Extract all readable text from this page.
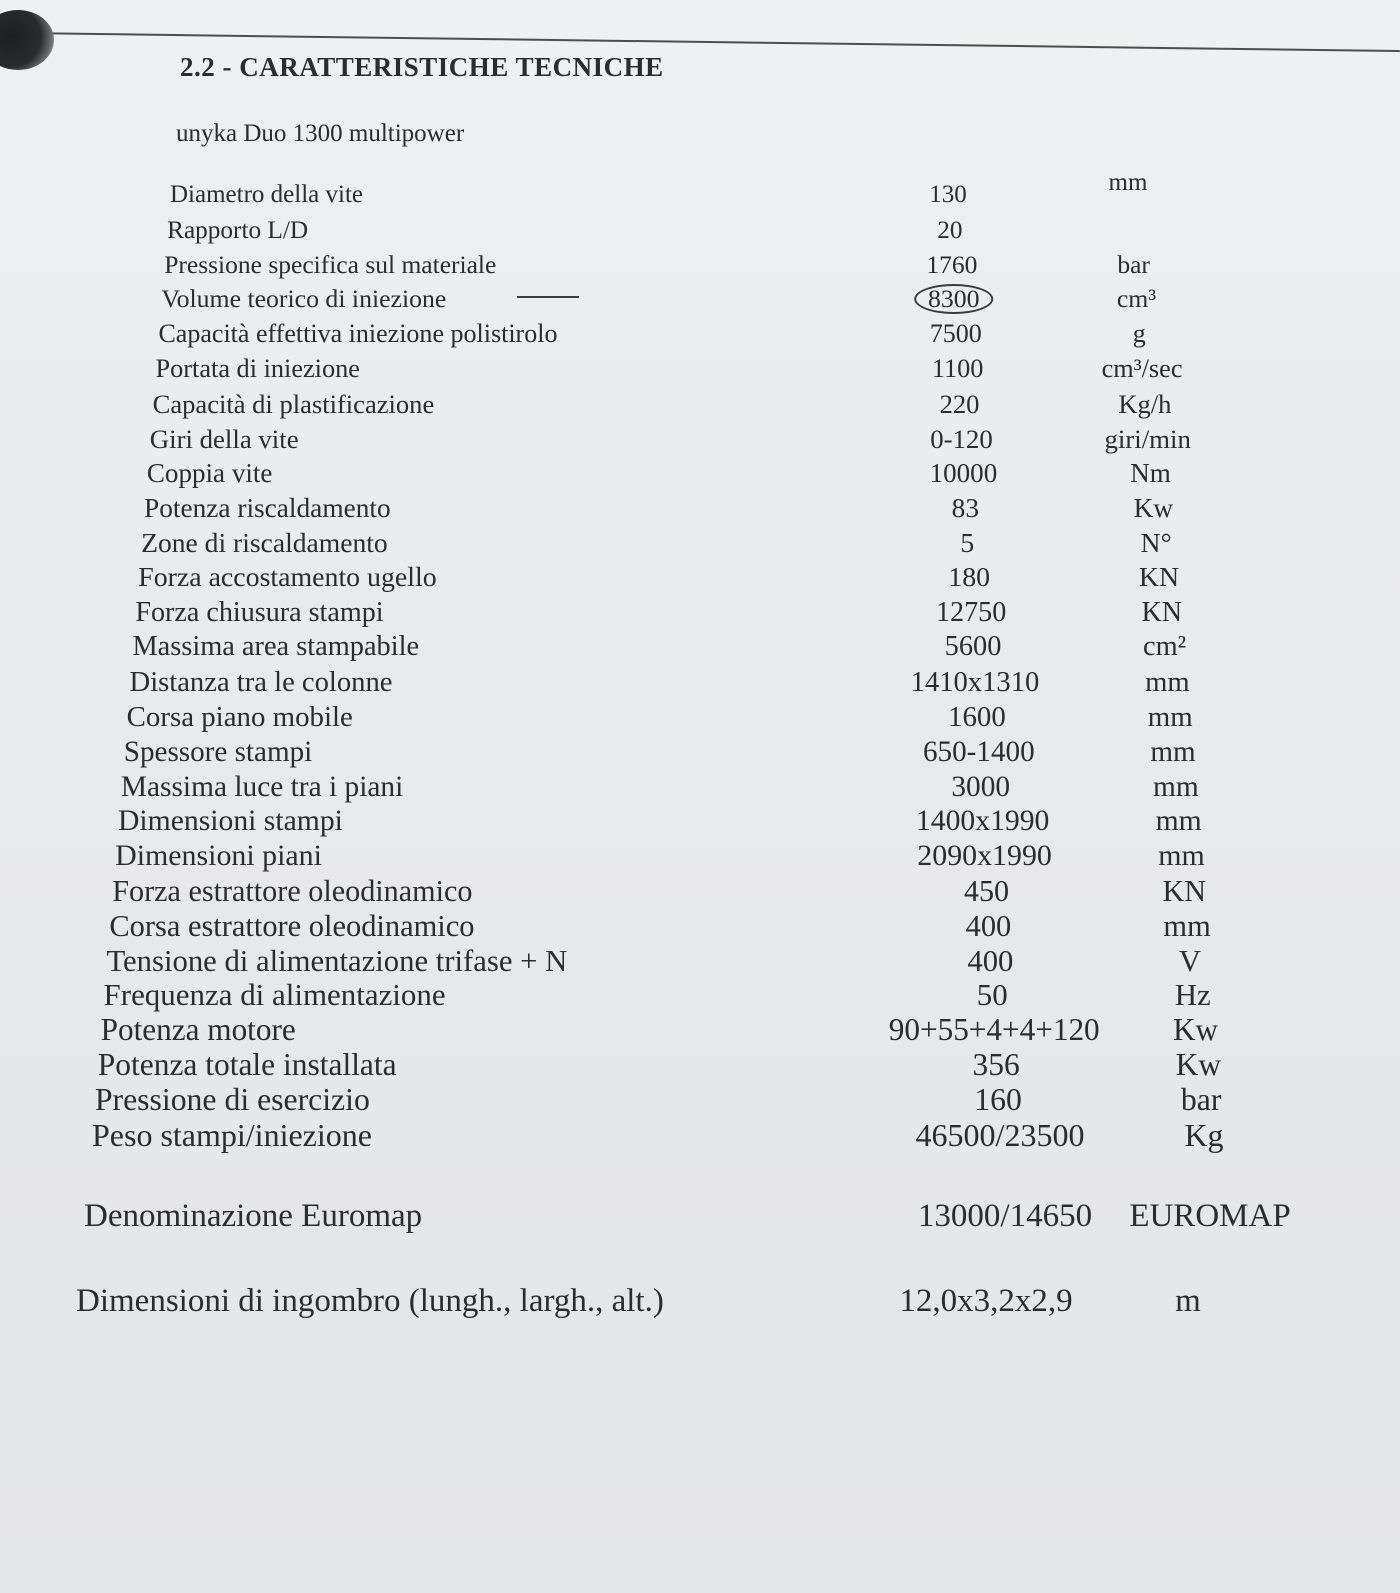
2.2 - CARATTERISTICHE TECNICHE
unyka Duo 1300 multipower
Diametro della vite	130	mm
Rapporto L/D	20
Pressione specifica sul materiale	1760	bar
Volume teorico di iniezione	8300	cm³
Capacità effettiva iniezione polistirolo	7500	g
Portata di iniezione	1100	cm³/sec
Capacità di plastificazione	220	Kg/h
Giri della vite	0-120	giri/min
Coppia vite	10000	Nm
Potenza riscaldamento	83	Kw
Zone di riscaldamento	5	N°
Forza accostamento ugello	180	KN
Forza chiusura stampi	12750	KN
Massima area stampabile	5600	cm²
Distanza tra le colonne	1410x1310	mm
Corsa piano mobile	1600	mm
Spessore stampi	650-1400	mm
Massima luce tra i piani	3000	mm
Dimensioni stampi	1400x1990	mm
Dimensioni piani	2090x1990	mm
Forza estrattore oleodinamico	450	KN
Corsa estrattore oleodinamico	400	mm
Tensione di alimentazione trifase + N	400	V
Frequenza di alimentazione	50	Hz
Potenza motore	90+55+4+4+120 Kw
Potenza totale installata	356	Kw
Pressione di esercizio	160	bar
Peso stampi/iniezione	46500/23500	Kg
Denominazione Euromap	13000/14650 EUROMAP
Dimensioni di ingombro (lungh., largh., alt.)	12,0x3,2x2,9	m
